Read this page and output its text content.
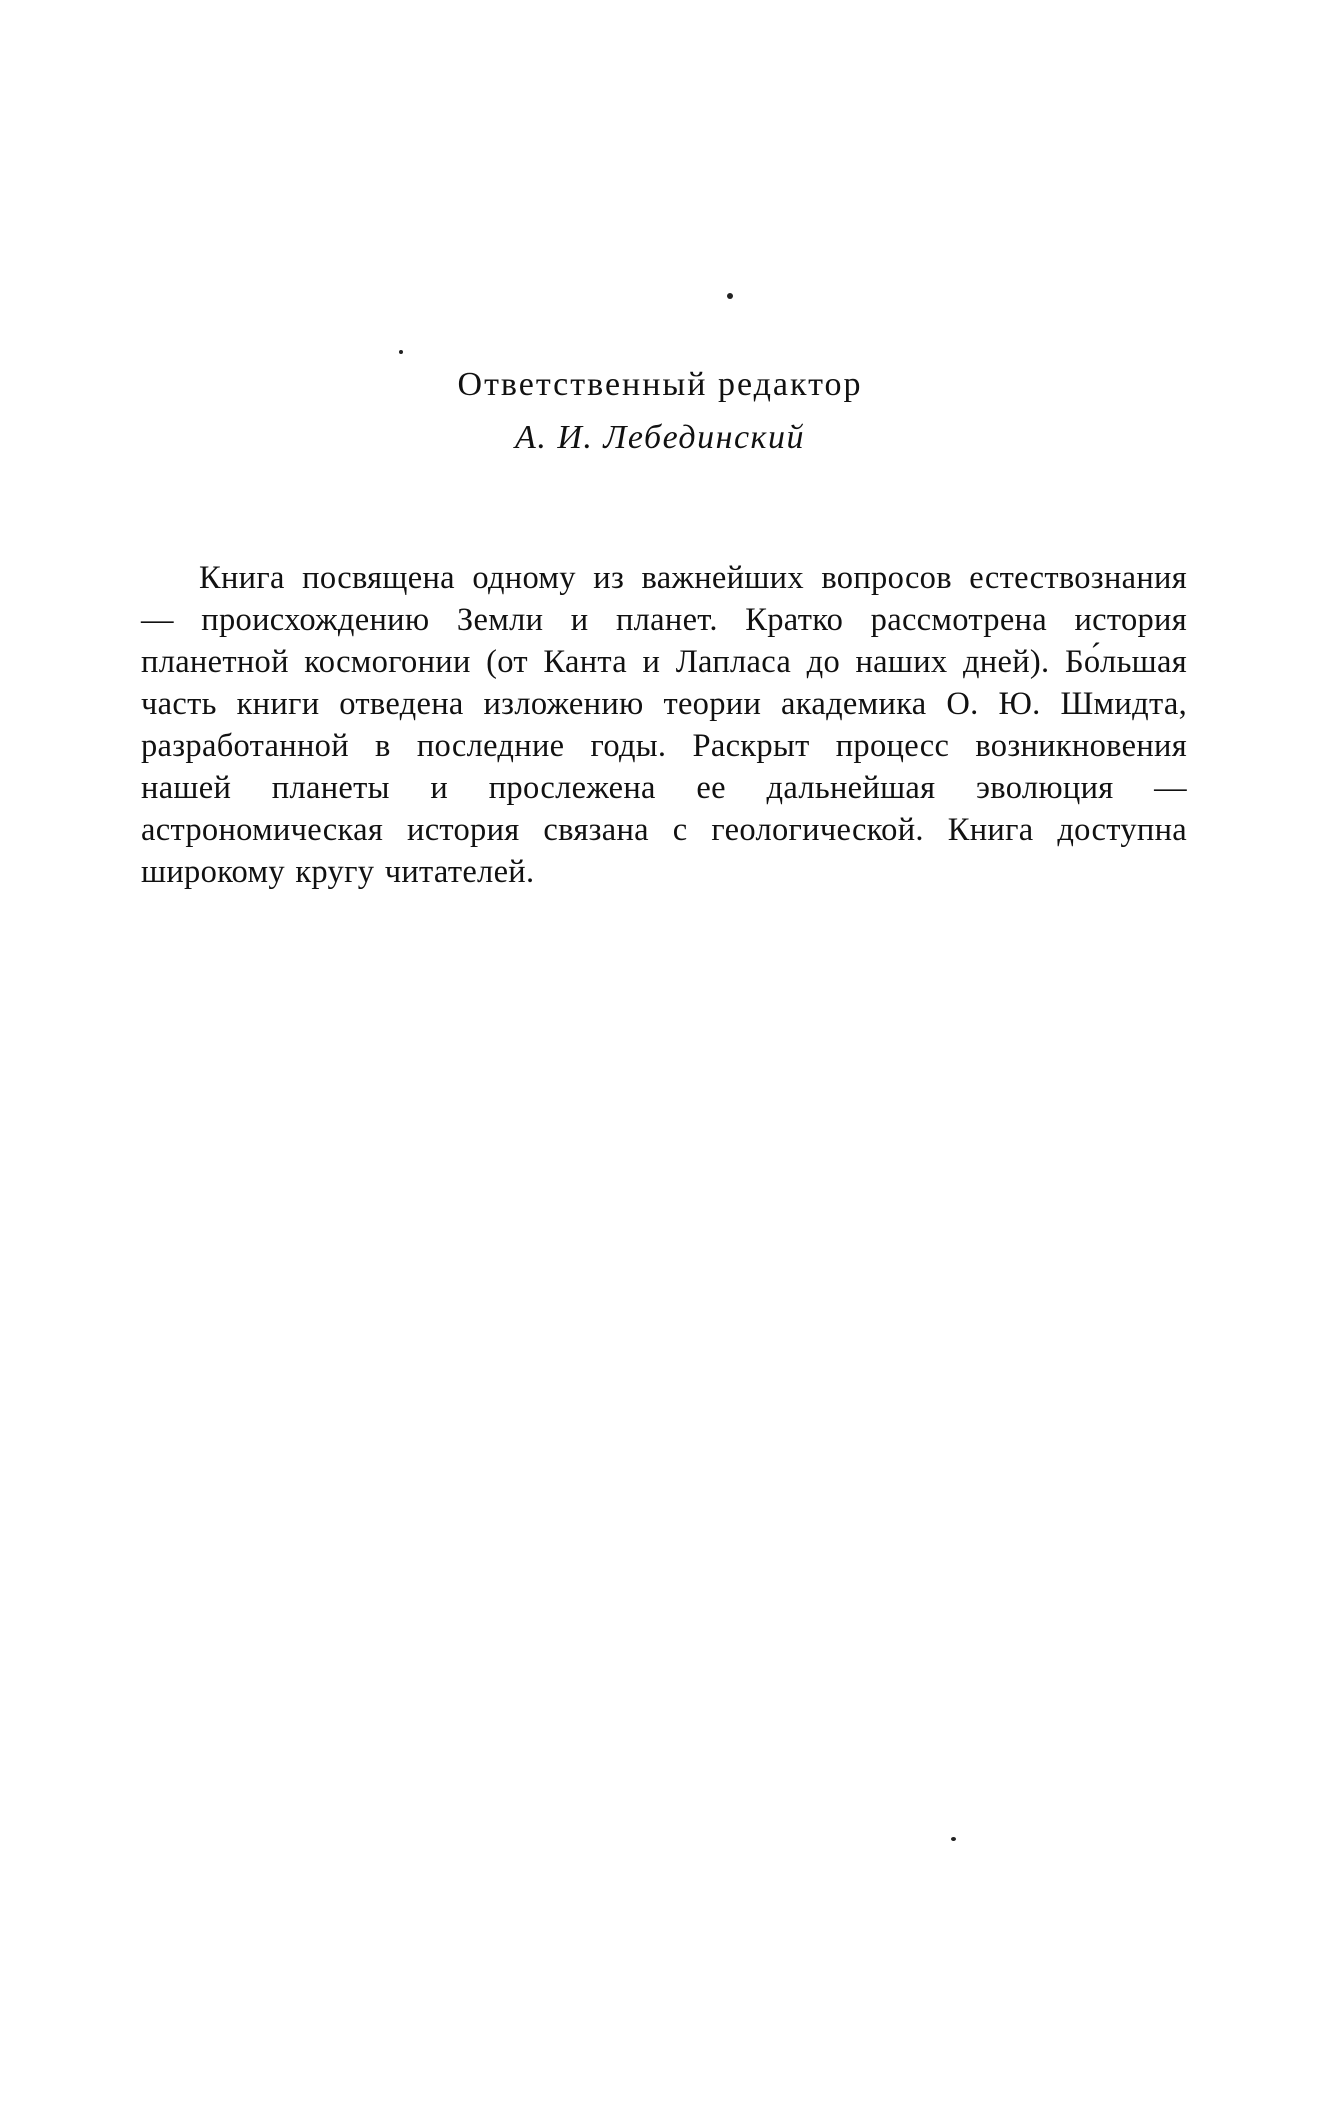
Ответственный редактор

А. И. Лебединский

Книга посвящена одному из важнейших вопросов естествознания — происхождению Земли и планет. Кратко рассмотрена история планетной космогонии (от Канта и Лапласа до наших дней). Бо́льшая часть книги отведена изложению теории академика О. Ю. Шмидта, разработанной в последние годы. Раскрыт процесс возникновения нашей планеты и прослежена ее дальнейшая эволюция — астрономическая история связана с геологической. Книга доступна широкому кругу читателей.
